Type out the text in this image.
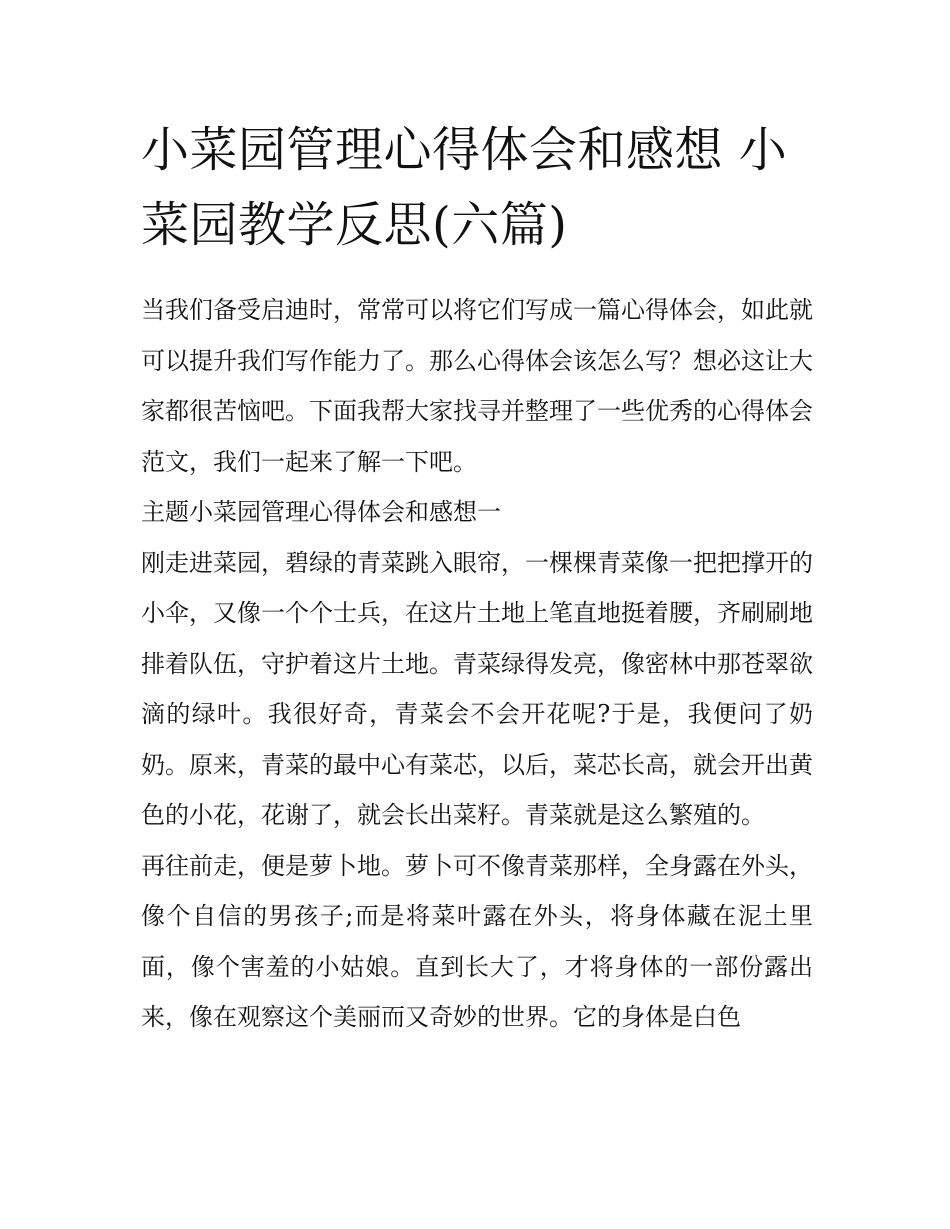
小菜园管理心得体会和感想 小菜园教学反思(六篇)

当我们备受启迪时，常常可以将它们写成一篇心得体会，如此就可以提升我们写作能力了。那么心得体会该怎么写？想必这让大家都很苦恼吧。下面我帮大家找寻并整理了一些优秀的心得体会范文，我们一起来了解一下吧。

主题小菜园管理心得体会和感想一

刚走进菜园，碧绿的青菜跳入眼帘，一棵棵青菜像一把把撑开的小伞，又像一个个士兵，在这片土地上笔直地挺着腰，齐刷刷地排着队伍，守护着这片土地。青菜绿得发亮，像密林中那苍翠欲滴的绿叶。我很好奇，青菜会不会开花呢?于是，我便问了奶奶。原来，青菜的最中心有菜芯，以后，菜芯长高，就会开出黄色的小花，花谢了，就会长出菜籽。青菜就是这么繁殖的。

再往前走，便是萝卜地。萝卜可不像青菜那样，全身露在外头，像个自信的男孩子;而是将菜叶露在外头，将身体藏在泥土里面，像个害羞的小姑娘。直到长大了，才将身体的一部份露出来，像在观察这个美丽而又奇妙的世界。它的身体是白色
